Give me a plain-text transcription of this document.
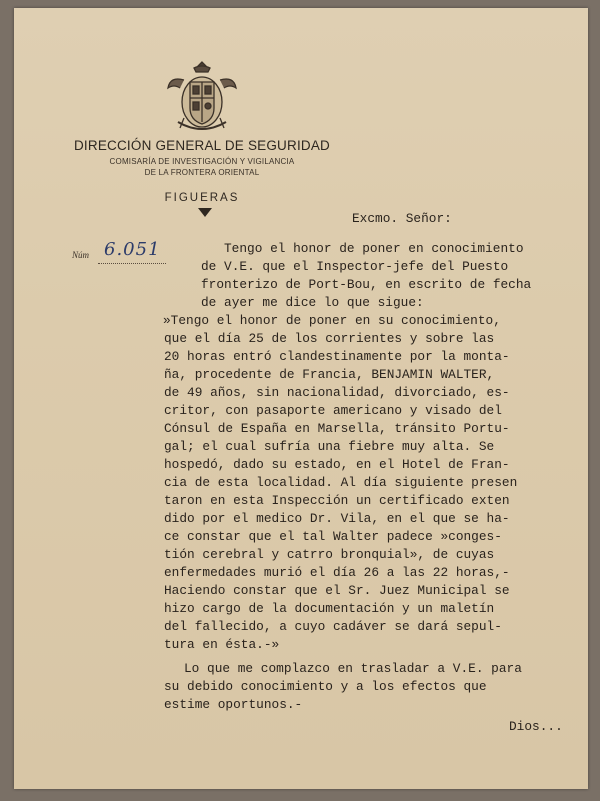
DIRECCIÓN GENERAL DE SEGURIDAD
COMISARÍA DE INVESTIGACIÓN Y VIGILANCIA
DE LA FRONTERA ORIENTAL
FIGUERAS
Núm 6.051
Excmo. Señor:
Tengo el honor de poner en conocimiento
de V.E. que el Inspector-jefe del Puesto
fronterizo de Port-Bou, en escrito de fecha
de ayer me dice lo que sigue:
»Tengo el honor de poner en su conocimiento,
que el día 25 de los corrientes y sobre las
20 horas entró clandestinamente por la monta-
ña, procedente de Francia, BENJAMIN WALTER,
de 49 años, sin nacionalidad, divorciado, es-
critor, con pasaporte americano y visado del
Cónsul de España en Marsella, tránsito Portu-
gal; el cual sufría una fiebre muy alta. Se
hospedó, dado su estado, en el Hotel de Fran-
cia de esta localidad. Al día siguiente presen
taron en esta Inspección un certificado exten
dido por el medico Dr. Vila, en el que se ha-
ce constar que el tal Walter padece »conges-
tión cerebral y catrro bronquial», de cuyas
enfermedades murió el día 26 a las 22 horas,-
Haciendo constar que el Sr. Juez Municipal se
hizo cargo de la documentación y un maletín
del fallecido, a cuyo cadáver se dará sepul-
tura en ésta.-»
Lo que me complazco en trasladar a V.E. para
su debido conocimiento y a los efectos que
estime oportunos.-
Dios...
